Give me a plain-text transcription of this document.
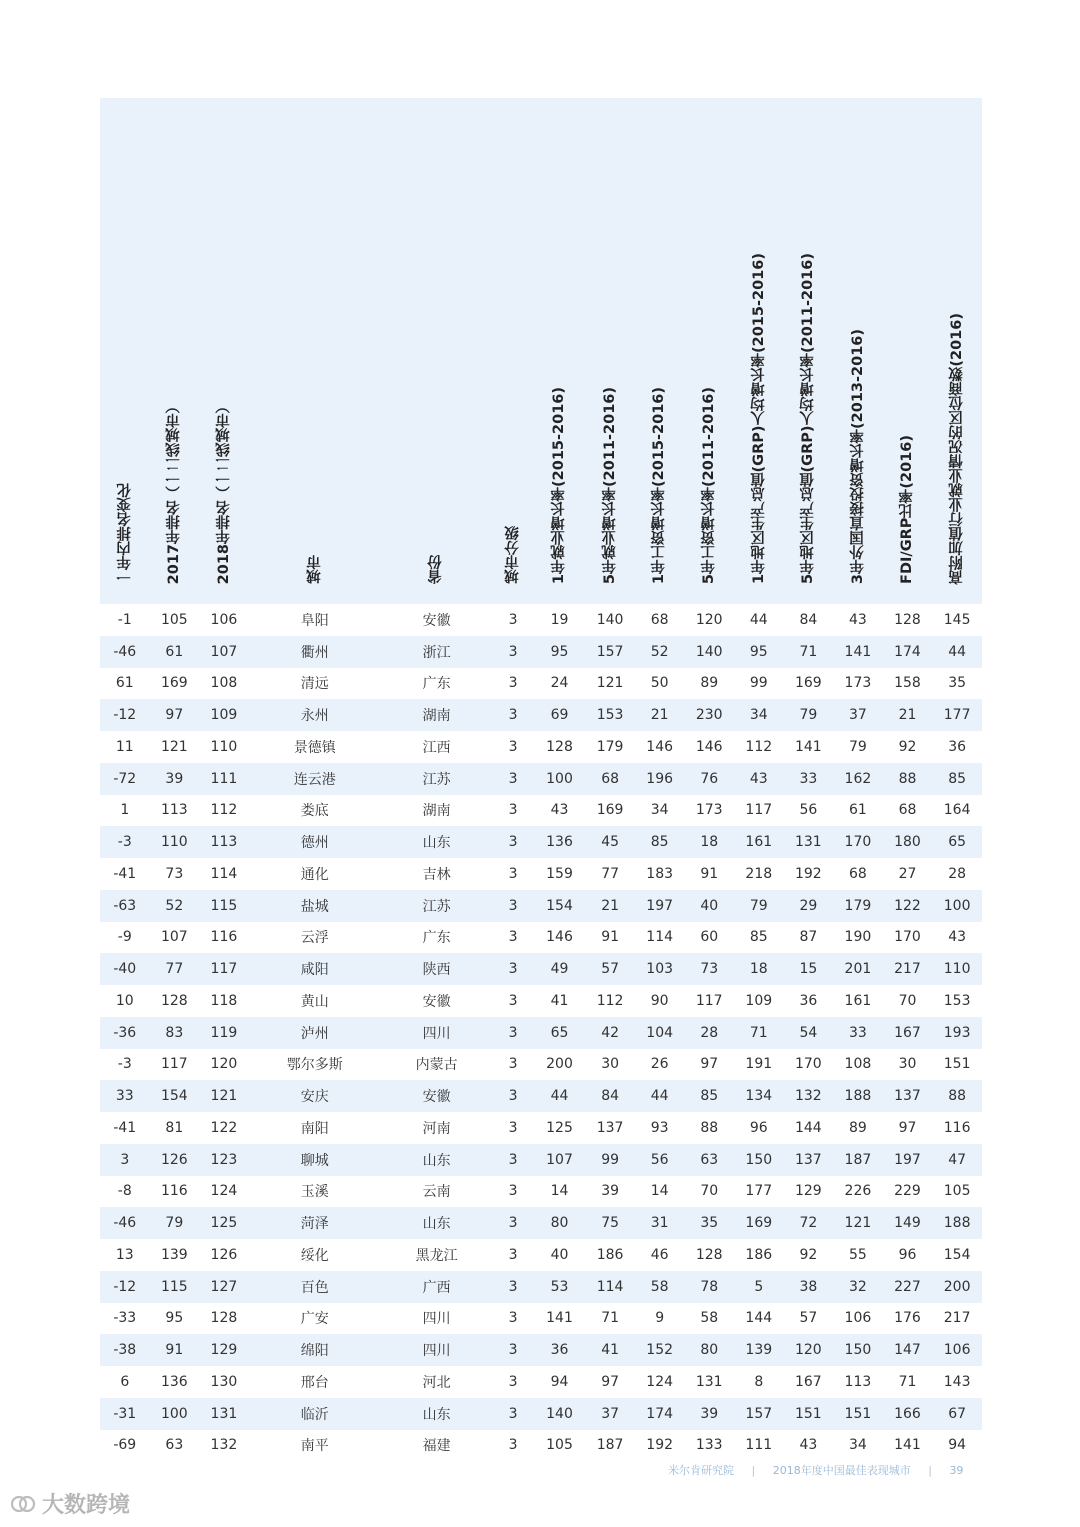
一年内排名变化	2017年排名（一二线城市）	2018年排名（一二线城市）	城市	省份	城市分级	1年就业增长率(2015-2016)	5年就业增长率(2011-2016)	1年工资增长率(2015-2016)	5年工资增长率(2011-2016)	1年地区生产总值(GRP)人均增长率(2015-2016)	5年地区生产总值(GRP)人均增长率(2011-2016)	3年外国直接投资增长率(2013-2016)	FDI/GRP比率(2016)	高附加值行业就业情况的区位商数(2016)
-1	105	106	阜阳	安徽	3	19	140	68	120	44	84	43	128	145
-46	61	107	衢州	浙江	3	95	157	52	140	95	71	141	174	44
61	169	108	清远	广东	3	24	121	50	89	99	169	173	158	35
-12	97	109	永州	湖南	3	69	153	21	230	34	79	37	21	177
11	121	110	景德镇	江西	3	128	179	146	146	112	141	79	92	36
-72	39	111	连云港	江苏	3	100	68	196	76	43	33	162	88	85
1	113	112	娄底	湖南	3	43	169	34	173	117	56	61	68	164
-3	110	113	德州	山东	3	136	45	85	18	161	131	170	180	65
-41	73	114	通化	吉林	3	159	77	183	91	218	192	68	27	28
-63	52	115	盐城	江苏	3	154	21	197	40	79	29	179	122	100
-9	107	116	云浮	广东	3	146	91	114	60	85	87	190	170	43
-40	77	117	咸阳	陕西	3	49	57	103	73	18	15	201	217	110
10	128	118	黄山	安徽	3	41	112	90	117	109	36	161	70	153
-36	83	119	泸州	四川	3	65	42	104	28	71	54	33	167	193
-3	117	120	鄂尔多斯	内蒙古	3	200	30	26	97	191	170	108	30	151
33	154	121	安庆	安徽	3	44	84	44	85	134	132	188	137	88
-41	81	122	南阳	河南	3	125	137	93	88	96	144	89	97	116
3	126	123	聊城	山东	3	107	99	56	63	150	137	187	197	47
-8	116	124	玉溪	云南	3	14	39	14	70	177	129	226	229	105
-46	79	125	菏泽	山东	3	80	75	31	35	169	72	121	149	188
13	139	126	绥化	黑龙江	3	40	186	46	128	186	92	55	96	154
-12	115	127	百色	广西	3	53	114	58	78	5	38	32	227	200
-33	95	128	广安	四川	3	141	71	9	58	144	57	106	176	217
-38	91	129	绵阳	四川	3	36	41	152	80	139	120	150	147	106
6	136	130	邢台	河北	3	94	97	124	131	8	167	113	71	143
-31	100	131	临沂	山东	3	140	37	174	39	157	151	151	166	67
-69	63	132	南平	福建	3	105	187	192	133	111	43	34	141	94
米尔肯研究院 | 2018年度中国最佳表现城市 | 39
大数跨境
